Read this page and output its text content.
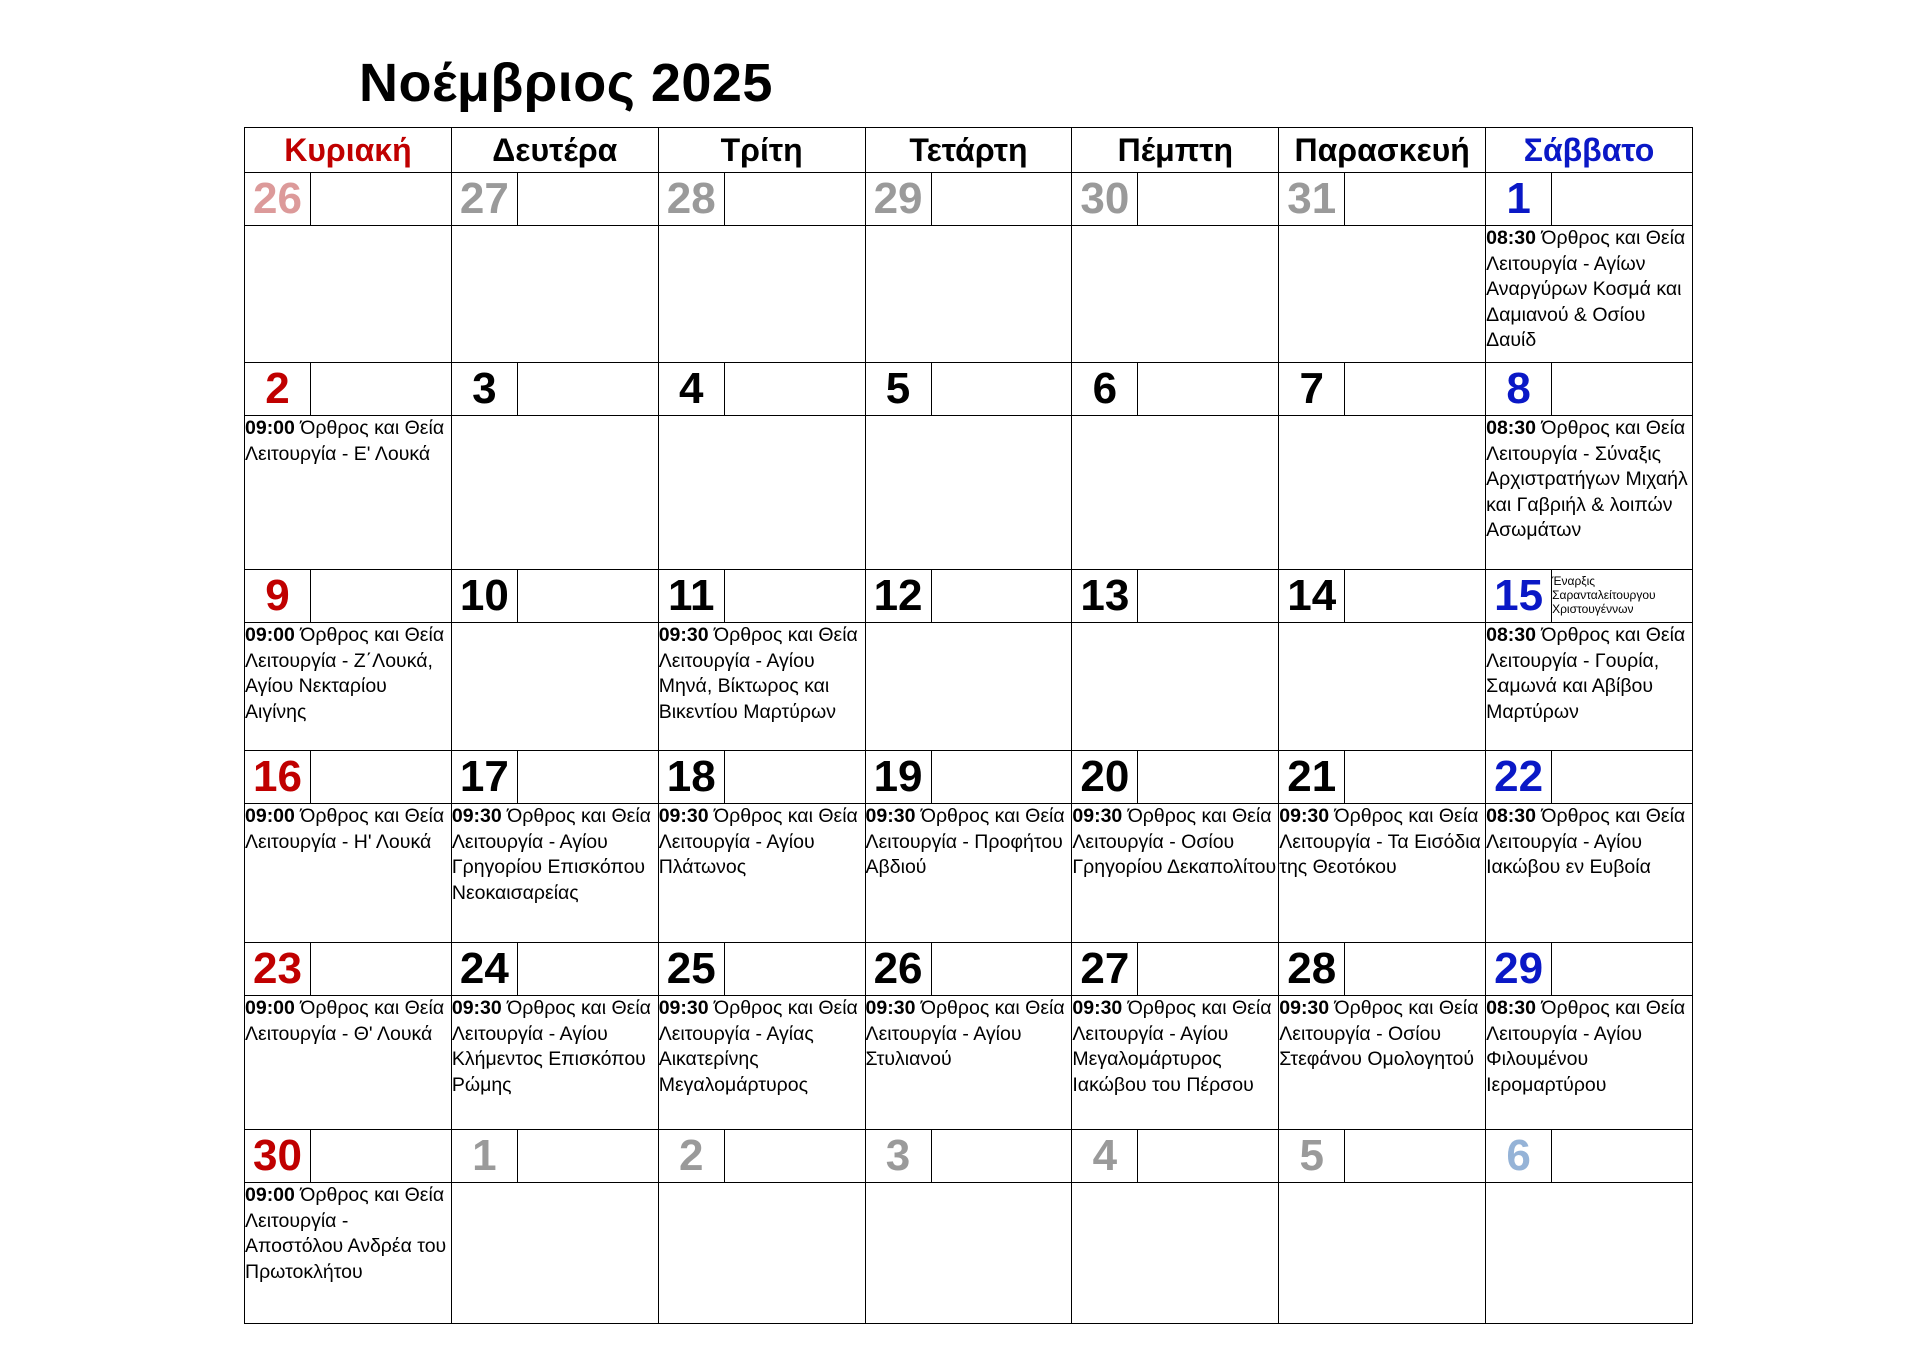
Νοέμβριος 2025
Κυριακή		Δευτέρα		Τρίτη		Τετάρτη		Πέμπτη		Παρασκευή		Σάββατο	
26		27		28		29		30		31		1	
												08:30 Όρθρος και Θεία Λειτουργία - Αγίων Αναργύρων Κοσμά και Δαμιανού & Οσίου Δαυίδ	
2		3		4		5		6		7		8	
09:00 Όρθρος και Θεία Λειτουργία - Ε' Λουκά												08:30 Όρθρος και Θεία Λειτουργία - Σύναξις Αρχιστρατήγων Μιχαήλ και Γαβριήλ & λοιπών Ασωμάτων	
9		10		11		12		13		14		15	Έναρξις Σαρανταλείτουργου Χριστουγέννων
09:00 Όρθρος και Θεία Λειτουργία - Ζ΄Λουκά, Αγίου Νεκταρίου Αιγίνης				09:30 Όρθρος και Θεία Λειτουργία - Αγίου Μηνά, Βίκτωρος και Βικεντίου Μαρτύρων								08:30 Όρθρος και Θεία Λειτουργία - Γουρία, Σαμωνά και Αβίβου Μαρτύρων	
16		17		18		19		20		21		22	
09:00 Όρθρος και Θεία Λειτουργία - Η' Λουκά		09:30 Όρθρος και Θεία Λειτουργία - Αγίου Γρηγορίου Επισκόπου Νεοκαισαρείας		09:30 Όρθρος και Θεία Λειτουργία - Αγίου Πλάτωνος		09:30 Όρθρος και Θεία Λειτουργία - Προφήτου Αβδιού		09:30 Όρθρος και Θεία Λειτουργία - Οσίου Γρηγορίου Δεκαπολίτου		09:30 Όρθρος και Θεία Λειτουργία - Τα Εισόδια της Θεοτόκου		08:30 Όρθρος και Θεία Λειτουργία - Αγίου Ιακώβου εν Ευβοία	
23		24		25		26		27		28		29	
09:00 Όρθρος και Θεία Λειτουργία - Θ' Λουκά		09:30 Όρθρος και Θεία Λειτουργία - Αγίου Κλήμεντος Επισκόπου Ρώμης		09:30 Όρθρος και Θεία Λειτουργία - Αγίας Αικατερίνης Μεγαλομάρτυρος		09:30 Όρθρος και Θεία Λειτουργία - Αγίου Στυλιανού		09:30 Όρθρος και Θεία Λειτουργία - Αγίου Μεγαλομάρτυρος Ιακώβου του Πέρσου		09:30 Όρθρος και Θεία Λειτουργία - Οσίου Στεφάνου Ομολογητού		08:30 Όρθρος και Θεία Λειτουργία - Αγίου Φιλουμένου Ιερομαρτύρου	
30		1		2		3		4		5		6	
09:00 Όρθρος και Θεία Λειτουργία - Αποστόλου Ανδρέα του Πρωτοκλήτου													
